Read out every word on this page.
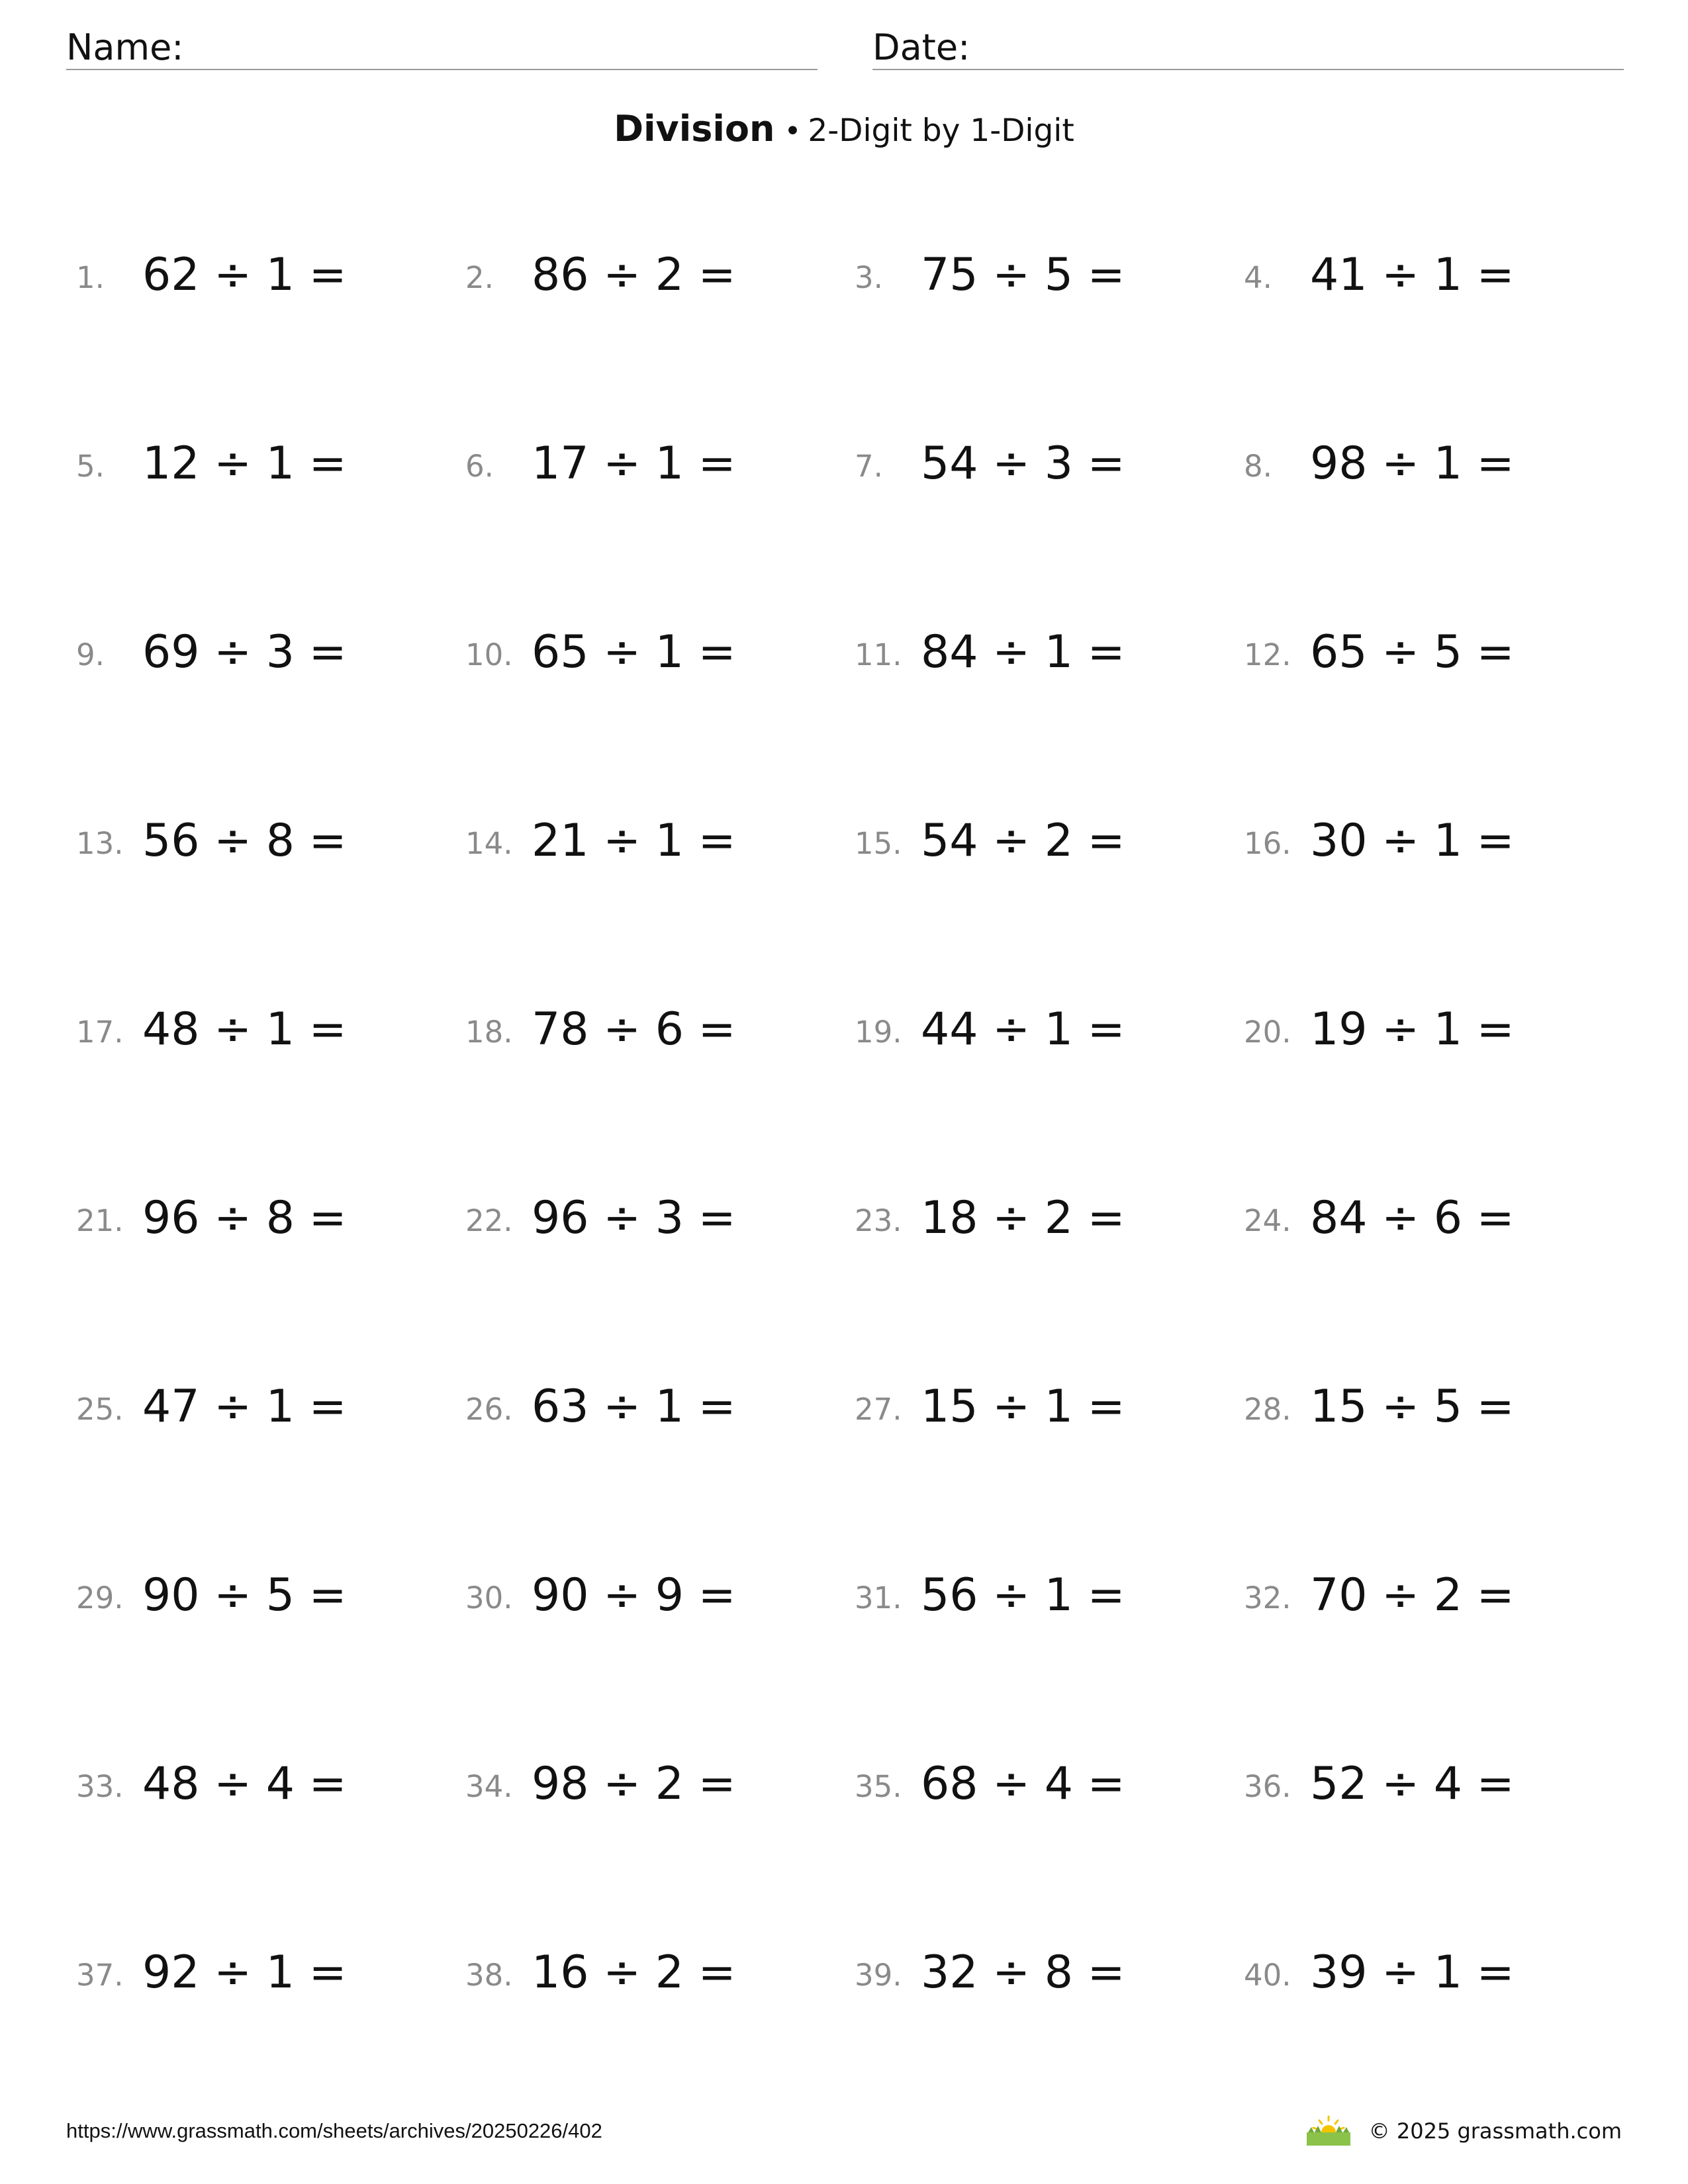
Name:	Date:
Division • 2-Digit by 1-Digit
1. 62 ÷ 1 =	2. 86 ÷ 2 =	3. 75 ÷ 5 =	4. 41 ÷ 1 =
5. 12 ÷ 1 =	6. 17 ÷ 1 =	7. 54 ÷ 3 =	8. 98 ÷ 1 =
9. 69 ÷ 3 =	10. 65 ÷ 1 =	11. 84 ÷ 1 =	12. 65 ÷ 5 =
13. 56 ÷ 8 =	14. 21 ÷ 1 =	15. 54 ÷ 2 =	16. 30 ÷ 1 =
17. 48 ÷ 1 =	18. 78 ÷ 6 =	19. 44 ÷ 1 =	20. 19 ÷ 1 =
21. 96 ÷ 8 =	22. 96 ÷ 3 =	23. 18 ÷ 2 =	24. 84 ÷ 6 =
25. 47 ÷ 1 =	26. 63 ÷ 1 =	27. 15 ÷ 1 =	28. 15 ÷ 5 =
29. 90 ÷ 5 =	30. 90 ÷ 9 =	31. 56 ÷ 1 =	32. 70 ÷ 2 =
33. 48 ÷ 4 =	34. 98 ÷ 2 =	35. 68 ÷ 4 =	36. 52 ÷ 4 =
37. 92 ÷ 1 =	38. 16 ÷ 2 =	39. 32 ÷ 8 =	40. 39 ÷ 1 =
https://www.grassmath.com/sheets/archives/20250226/402	© 2025 grassmath.com
